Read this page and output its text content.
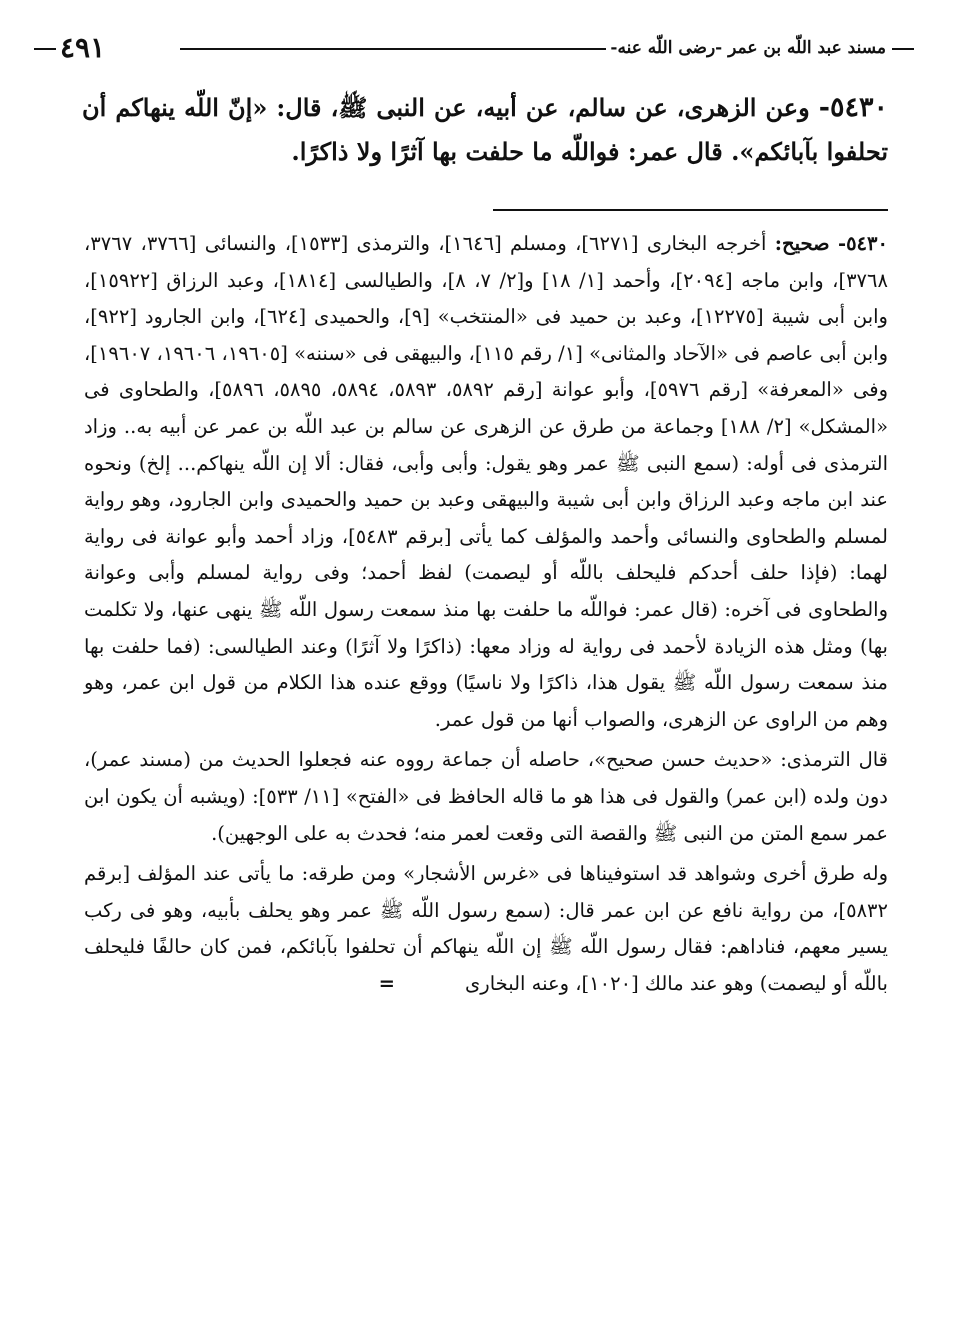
٤٩١	مسند عبد اللّه بن عمر -رضى اللّه عنه-
٥٤٣٠- وعن الزهرى، عن سالم، عن أبيه، عن النبى ﷺ، قال: «إنّ اللّه ينهاكم أن تحلفوا بآبائكم». قال عمر: فواللّه ما حلفت بها آثرًا ولا ذاكرًا.

٥٤٣٠- صحيح: أخرجه البخارى [٦٢٧١]، ومسلم [١٦٤٦]، والترمذى [١٥٣٣]، والنسائى [٣٧٦٦، ٣٧٦٧، ٣٧٦٨]، وابن ماجه [٢٠٩٤]، وأحمد [١/ ١٨] و[٢/ ٧، ٨]، والطيالسى [١٨١٤]، وعبد الرزاق [١٥٩٢٢]، وابن أبى شيبة [١٢٢٧٥]، وعبد بن حميد فى «المنتخب» [٩]، والحميدى [٦٢٤]، وابن الجارود [٩٢٢]، وابن أبى عاصم فى «الآحاد والمثانى» [١/ رقم ١١٥]، والبيهقى فى «سننه» [١٩٦٠٥، ١٩٦٠٦، ١٩٦٠٧]، وفى «المعرفة» [رقم ٥٩٧٦]، وأبو عوانة [رقم ٥٨٩٢، ٥٨٩٣، ٥٨٩٤، ٥٨٩٥، ٥٨٩٦]، والطحاوى فى «المشكل» [٢/ ١٨٨] وجماعة من طرق عن الزهرى عن سالم بن عبد اللّه بن عمر عن أبيه به.. وزاد الترمذى فى أوله: (سمع النبى ﷺ عمر وهو يقول: وأبى وأبى، فقال: ألا إن اللّه ينهاكم... إلخ) ونحوه عند ابن ماجه وعبد الرزاق وابن أبى شيبة والبيهقى وعبد بن حميد والحميدى وابن الجارود، وهو رواية لمسلم والطحاوى والنسائى وأحمد والمؤلف كما يأتى [برقم ٥٤٨٣]، وزاد أحمد وأبو عوانة فى رواية لهما: (فإذا حلف أحدكم فليحلف باللّه أو ليصمت) لفظ أحمد؛ وفى رواية لمسلم وأبى وعوانة والطحاوى فى آخره: (قال عمر: فواللّه ما حلفت بها منذ سمعت رسول اللّه ﷺ ينهى عنها، ولا تكلمت بها) ومثل هذه الزيادة لأحمد فى رواية له وزاد معها: (ذاكرًا ولا آثرًا) وعند الطيالسى: (فما حلفت بها منذ سمعت رسول اللّه ﷺ يقول هذا، ذاكرًا ولا ناسيًا) ووقع عنده هذا الكلام من قول ابن عمر، وهو وهم من الراوى عن الزهرى، والصواب أنها من قول عمر.

قال الترمذى: «حديث حسن صحيح»، حاصله أن جماعة رووه عنه فجعلوا الحديث من (مسند عمر)، دون ولده (ابن عمر) والقول فى هذا هو ما قاله الحافظ فى «الفتح» [١١/ ٥٣٣]: (ويشبه أن يكون ابن عمر سمع المتن من النبى ﷺ والقصة التى وقعت لعمر منه؛ فحدث به على الوجهين).

وله طرق أخرى وشواهد قد استوفيناها فى «غرس الأشجار» ومن طرقه: ما يأتى عند المؤلف [برقم ٥٨٣٢]، من رواية نافع عن ابن عمر قال: (سمع رسول اللّه ﷺ عمر وهو يحلف بأبيه، وهو فى ركب يسير معهم، فناداهم: فقال رسول اللّه ﷺ إن اللّه ينهاكم أن تحلفوا بآبائكم، فمن كان حالفًا فليحلف باللّه أو ليصمت) وهو عند مالك [١٠٢٠]، وعنه البخارى=
